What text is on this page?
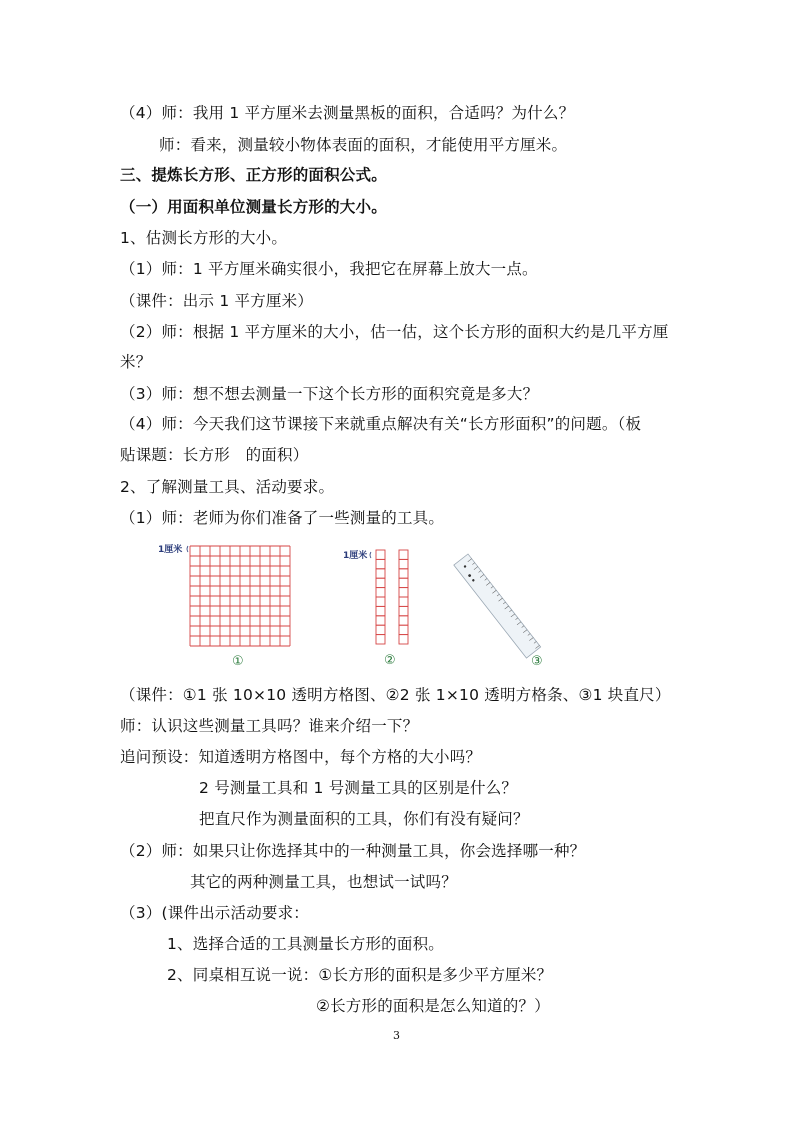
（4）师：我用 1 平方厘米去测量黑板的面积，合适吗？为什么？
师：看来，测量较小物体表面的面积，才能使用平方厘米。
三、提炼长方形、正方形的面积公式。
（一）用面积单位测量长方形的大小。
1、估测长方形的大小。
（1）师：1 平方厘米确实很小，我把它在屏幕上放大一点。
（课件：出示 1 平方厘米）
（2）师：根据 1 平方厘米的大小，估一估，这个长方形的面积大约是几平方厘
米？
（3）师：想不想去测量一下这个长方形的面积究竟是多大？
（4）师：今天我们这节课接下来就重点解决有关“长方形面积”的问题。（板
贴课题：长方形　的面积）
2、了解测量工具、活动要求。
（1）师：老师为你们准备了一些测量的工具。
（课件：①1 张 10×10 透明方格图、②2 张 1×10 透明方格条、③1 块直尺）
师：认识这些测量工具吗？谁来介绍一下？
追问预设：知道透明方格图中，每个方格的大小吗？
2 号测量工具和 1 号测量工具的区别是什么？
把直尺作为测量面积的工具，你们有没有疑问？
（2）师：如果只让你选择其中的一种测量工具，你会选择哪一种？
其它的两种测量工具，也想试一试吗？
（3）(课件出示活动要求：
1、选择合适的工具测量长方形的面积。
2、同桌相互说一说：①长方形的面积是多少平方厘米？
②长方形的面积是怎么知道的？）
1厘米
①
1厘米
②	③
3
